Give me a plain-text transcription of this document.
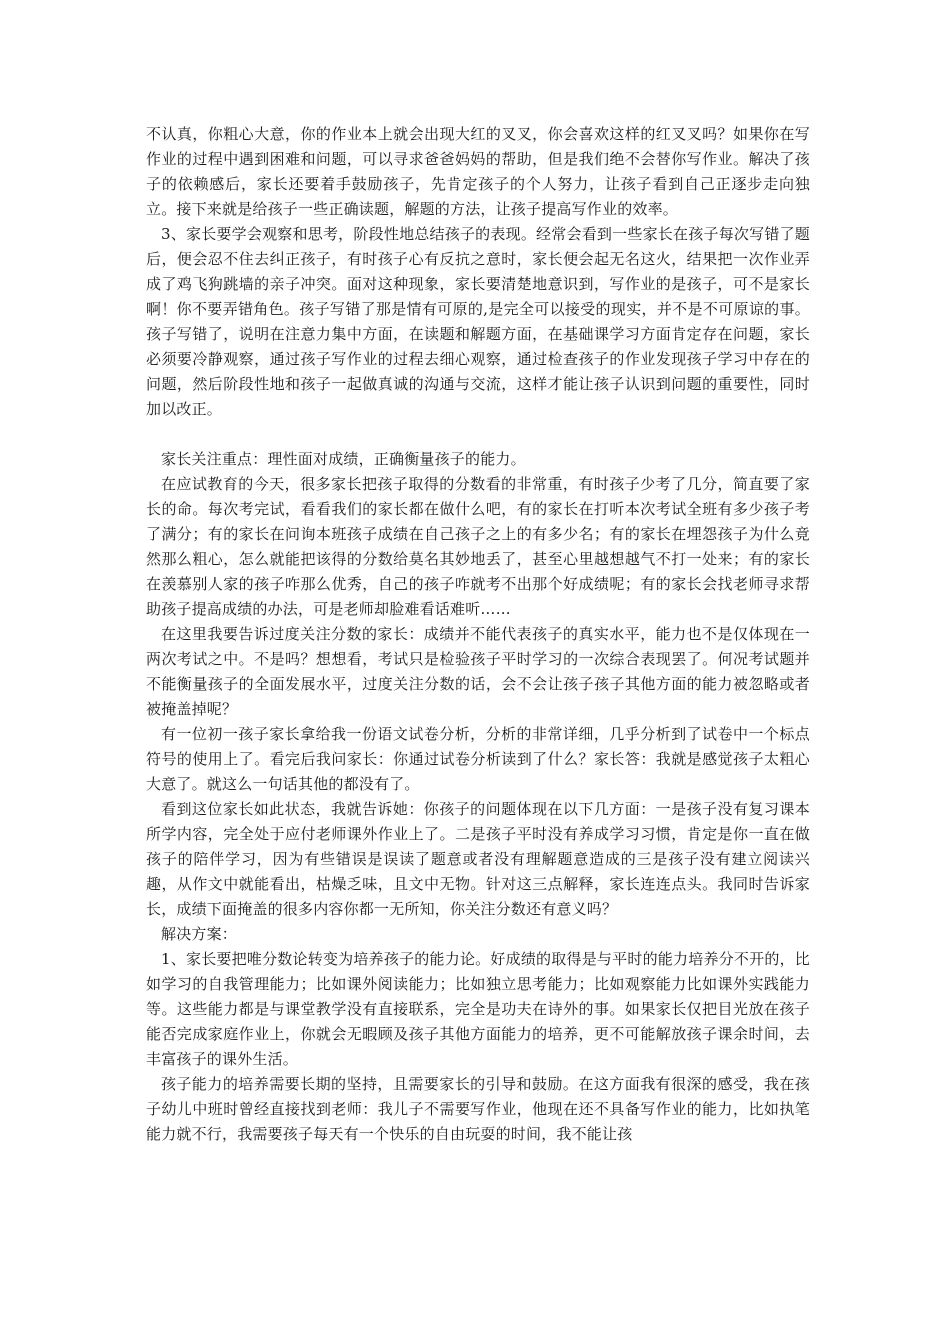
不认真，你粗心大意，你的作业本上就会出现大红的叉叉，你会喜欢这样的红叉叉吗？如果你在写作业的过程中遇到困难和问题，可以寻求爸爸妈妈的帮助，但是我们绝不会替你写作业。解决了孩子的依赖感后，家长还要着手鼓励孩子，先肯定孩子的个人努力，让孩子看到自己正逐步走向独立。接下来就是给孩子一些正确读题，解题的方法，让孩子提高写作业的效率。

3、家长要学会观察和思考，阶段性地总结孩子的表现。经常会看到一些家长在孩子每次写错了题后，便会忍不住去纠正孩子，有时孩子心有反抗之意时，家长便会起无名这火，结果把一次作业弄成了鸡飞狗跳墙的亲子冲突。面对这种现象，家长要清楚地意识到，写作业的是孩子，可不是家长啊！你不要弄错角色。孩子写错了那是情有可原的,是完全可以接受的现实，并不是不可原谅的事。孩子写错了，说明在注意力集中方面，在读题和解题方面，在基础课学习方面肯定存在问题，家长必须要冷静观察，通过孩子写作业的过程去细心观察，通过检查孩子的作业发现孩子学习中存在的问题，然后阶段性地和孩子一起做真诚的沟通与交流，这样才能让孩子认识到问题的重要性，同时加以改正。

家长关注重点：理性面对成绩，正确衡量孩子的能力。

在应试教育的今天，很多家长把孩子取得的分数看的非常重，有时孩子少考了几分，简直要了家长的命。每次考完试，看看我们的家长都在做什么吧，有的家长在打听本次考试全班有多少孩子考了满分；有的家长在问询本班孩子成绩在自己孩子之上的有多少名；有的家长在埋怨孩子为什么竟然那么粗心，怎么就能把该得的分数给莫名其妙地丢了，甚至心里越想越气不打一处来；有的家长在羡慕别人家的孩子咋那么优秀，自己的孩子咋就考不出那个好成绩呢；有的家长会找老师寻求帮助孩子提高成绩的办法，可是老师却脸难看话难听……

在这里我要告诉过度关注分数的家长：成绩并不能代表孩子的真实水平，能力也不是仅体现在一两次考试之中。不是吗？想想看，考试只是检验孩子平时学习的一次综合表现罢了。何况考试题并不能衡量孩子的全面发展水平，过度关注分数的话，会不会让孩子孩子其他方面的能力被忽略或者被掩盖掉呢？

有一位初一孩子家长拿给我一份语文试卷分析，分析的非常详细，几乎分析到了试卷中一个标点符号的使用上了。看完后我问家长：你通过试卷分析读到了什么？家长答：我就是感觉孩子太粗心大意了。就这么一句话其他的都没有了。

看到这位家长如此状态，我就告诉她：你孩子的问题体现在以下几方面：一是孩子没有复习课本所学内容，完全处于应付老师课外作业上了。二是孩子平时没有养成学习习惯，肯定是你一直在做孩子的陪伴学习，因为有些错误是误读了题意或者没有理解题意造成的三是孩子没有建立阅读兴趣，从作文中就能看出，枯燥乏味，且文中无物。针对这三点解释，家长连连点头。我同时告诉家长，成绩下面掩盖的很多内容你都一无所知，你关注分数还有意义吗？

解决方案：

1、家长要把唯分数论转变为培养孩子的能力论。好成绩的取得是与平时的能力培养分不开的，比如学习的自我管理能力；比如课外阅读能力；比如独立思考能力；比如观察能力比如课外实践能力等。这些能力都是与课堂教学没有直接联系，完全是功夫在诗外的事。如果家长仅把目光放在孩子能否完成家庭作业上，你就会无暇顾及孩子其他方面能力的培养，更不可能解放孩子课余时间，去丰富孩子的课外生活。

孩子能力的培养需要长期的坚持，且需要家长的引导和鼓励。在这方面我有很深的感受，我在孩子幼儿中班时曾经直接找到老师：我儿子不需要写作业，他现在还不具备写作业的能力，比如执笔能力就不行，我需要孩子每天有一个快乐的自由玩耍的时间，我不能让孩
